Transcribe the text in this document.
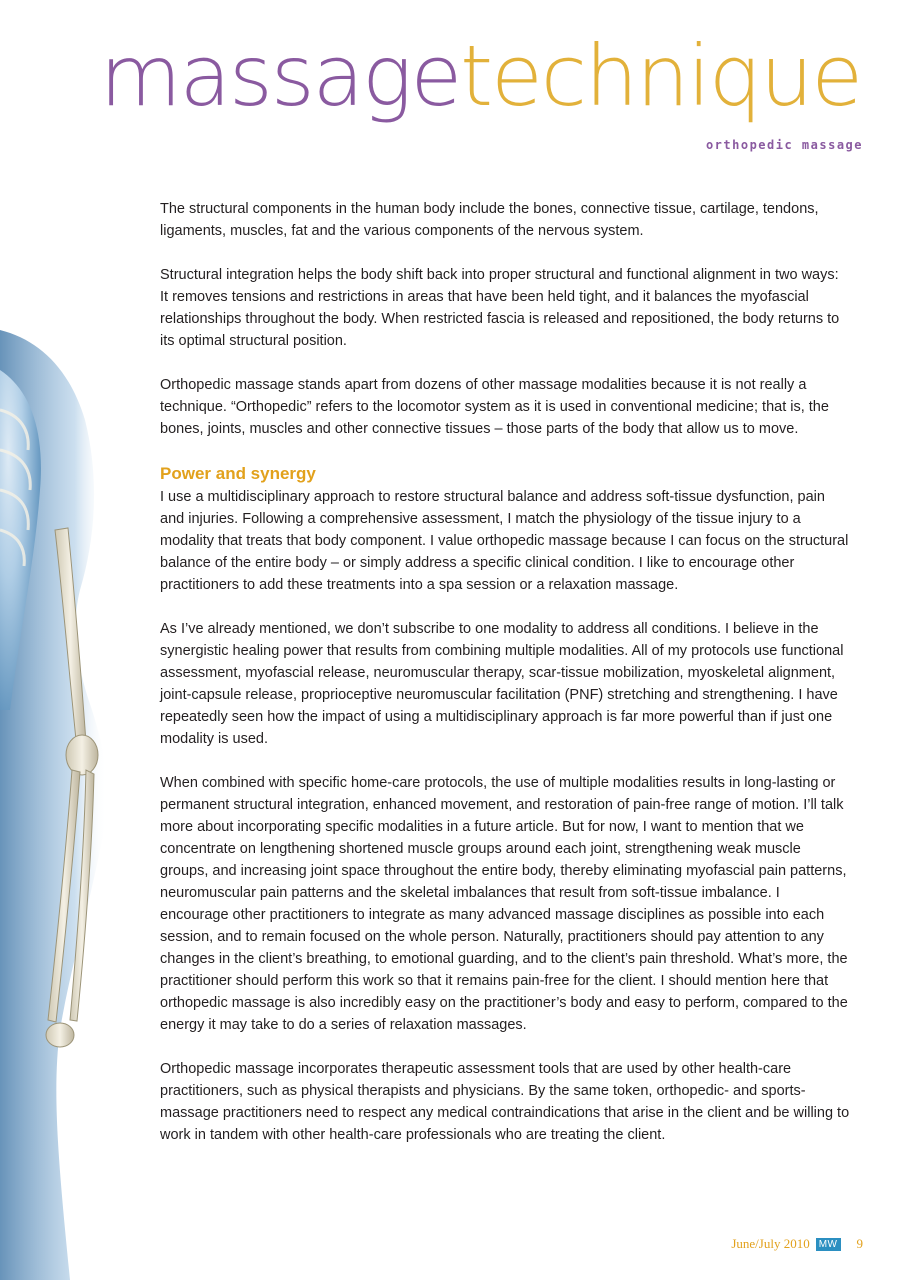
massagetechnique
orthopedic massage

The structural components in the human body include the bones, connective tissue, cartilage, tendons, ligaments, muscles, fat and the various components of the nervous system.

Structural integration helps the body shift back into proper structural and functional alignment in two ways: It removes tensions and restrictions in areas that have been held tight, and it balances the myofascial relationships throughout the body. When restricted fascia is released and repositioned, the body returns to its optimal structural position.

Orthopedic massage stands apart from dozens of other massage modalities because it is not really a technique. “Orthopedic” refers to the locomotor system as it is used in conventional medicine; that is, the bones, joints, muscles and other connective tissues – those parts of the body that allow us to move.

Power and synergy

I use a multidisciplinary approach to restore structural balance and address soft-tissue dysfunction, pain and injuries. Following a comprehensive assessment, I match the physiology of the tissue injury to a modality that treats that body component. I value orthopedic massage because I can focus on the structural balance of the entire body – or simply address a specific clinical condition. I like to encourage other practitioners to add these treatments into a spa session or a relaxation massage.

As I’ve already mentioned, we don’t subscribe to one modality to address all conditions. I believe in the synergistic healing power that results from combining multiple modalities. All of my protocols use functional assessment, myofascial release, neuromuscular therapy, scar-tissue mobilization, myoskeletal alignment, joint-capsule release, proprioceptive neuromuscular facilitation (PNF) stretching and strengthening. I have repeatedly seen how the impact of using a multidisciplinary approach is far more powerful than if just one modality is used.

When combined with specific home-care protocols, the use of multiple modalities results in long-lasting or permanent structural integration, enhanced movement, and restoration of pain-free range of motion. I’ll talk more about incorporating specific modalities in a future article. But for now, I want to mention that we concentrate on lengthening shortened muscle groups around each joint, strengthening weak muscle groups, and increasing joint space throughout the entire body, thereby eliminating myofascial pain patterns, neuromuscular pain patterns and the skeletal imbalances that result from soft-tissue imbalance. I encourage other practitioners to integrate as many advanced massage disciplines as possible into each session, and to remain focused on the whole person. Naturally, practitioners should pay attention to any changes in the client’s breathing, to emotional guarding, and to the client’s pain threshold. What’s more, the practitioner should perform this work so that it remains pain-free for the client. I should mention here that orthopedic massage is also incredibly easy on the practitioner’s body and easy to perform, compared to the energy it may take to do a series of relaxation massages.

Orthopedic massage incorporates therapeutic assessment tools that are used by other health-care practitioners, such as physical therapists and physicians. By the same token, orthopedic- and sports-massage practitioners need to respect any medical contraindications that arise in the client and be willing to work in tandem with other health-care professionals who are treating the client.

June/July 2010 MW 9
